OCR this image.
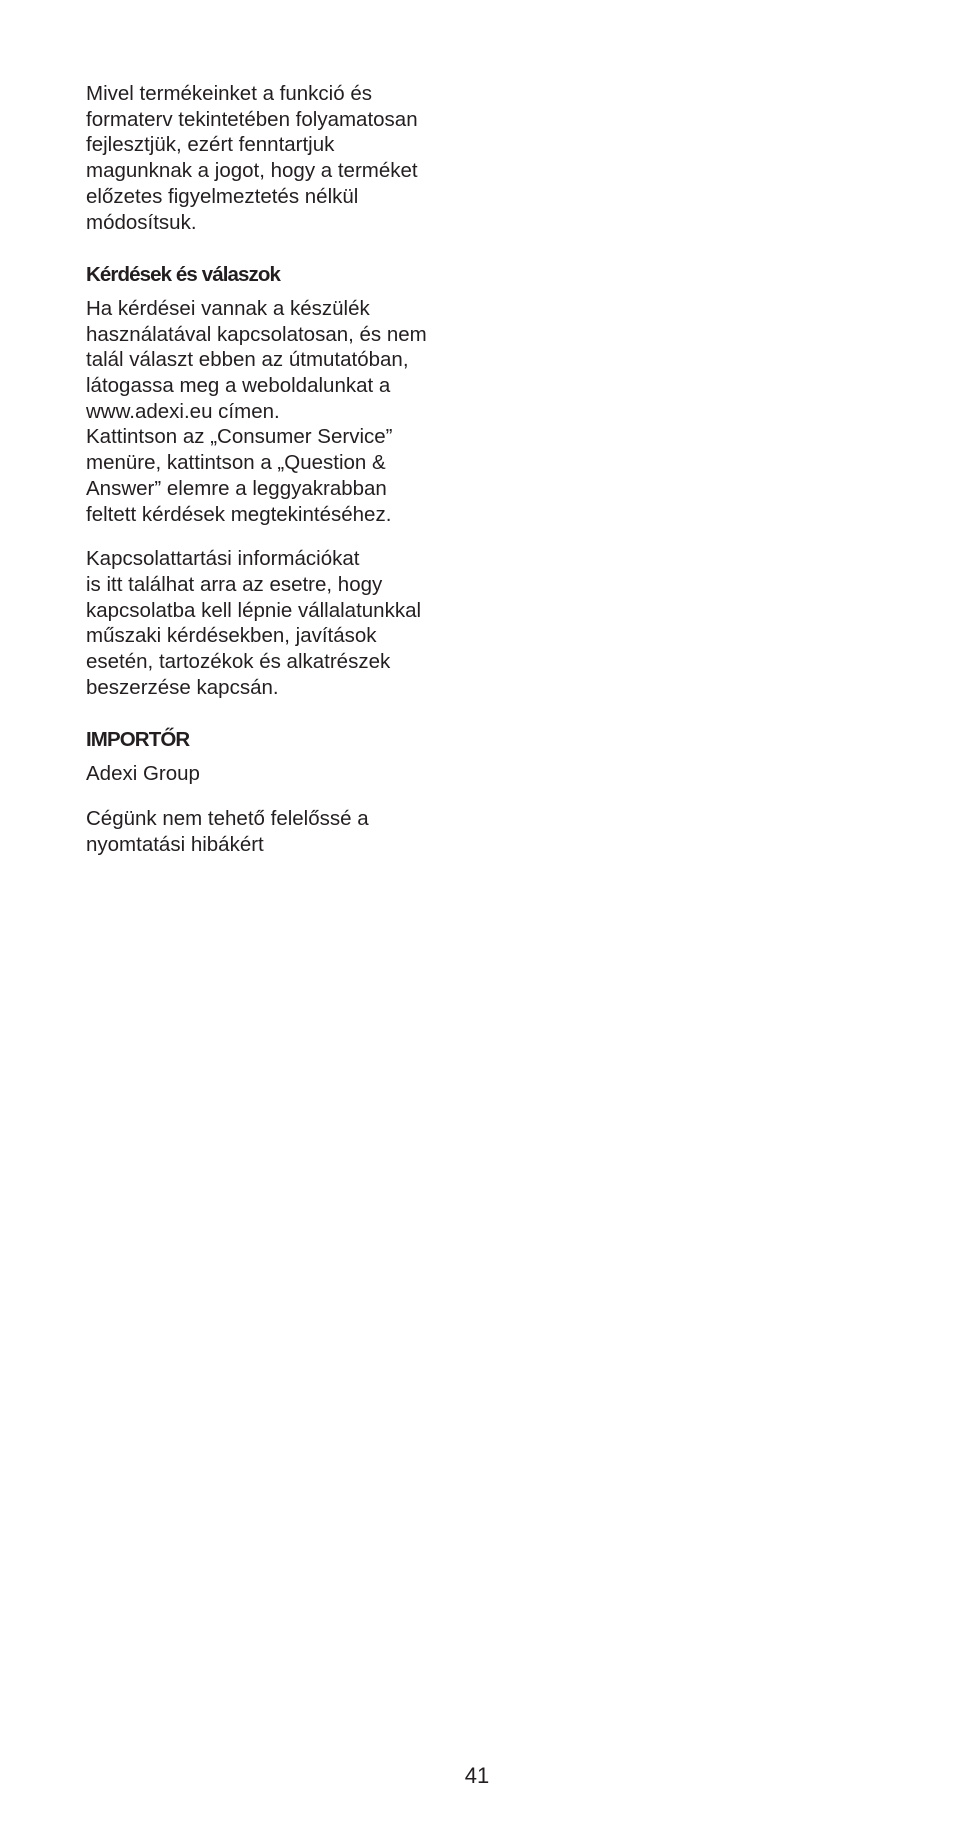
Mivel termékeinket a funkció és
formaterv tekintetében folyamatosan
fejlesztjük, ezért fenntartjuk
magunknak a jogot, hogy a terméket
előzetes figyelmeztetés nélkül
módosítsuk.

Kérdések és válaszok

Ha kérdései vannak a készülék
használatával kapcsolatosan, és nem
talál választ ebben az útmutatóban,
látogassa meg a weboldalunkat a
www.adexi.eu címen.
Kattintson az „Consumer Service”
menüre, kattintson a „Question &
Answer” elemre a leggyakrabban
feltett kérdések megtekintéséhez.

Kapcsolattartási információkat
is itt találhat arra az esetre, hogy
kapcsolatba kell lépnie vállalatunkkal
műszaki kérdésekben, javítások
esetén, tartozékok és alkatrészek
beszerzése kapcsán.

IMPORTŐR

Adexi Group

Cégünk nem tehető felelőssé a
nyomtatási hibákért

41
